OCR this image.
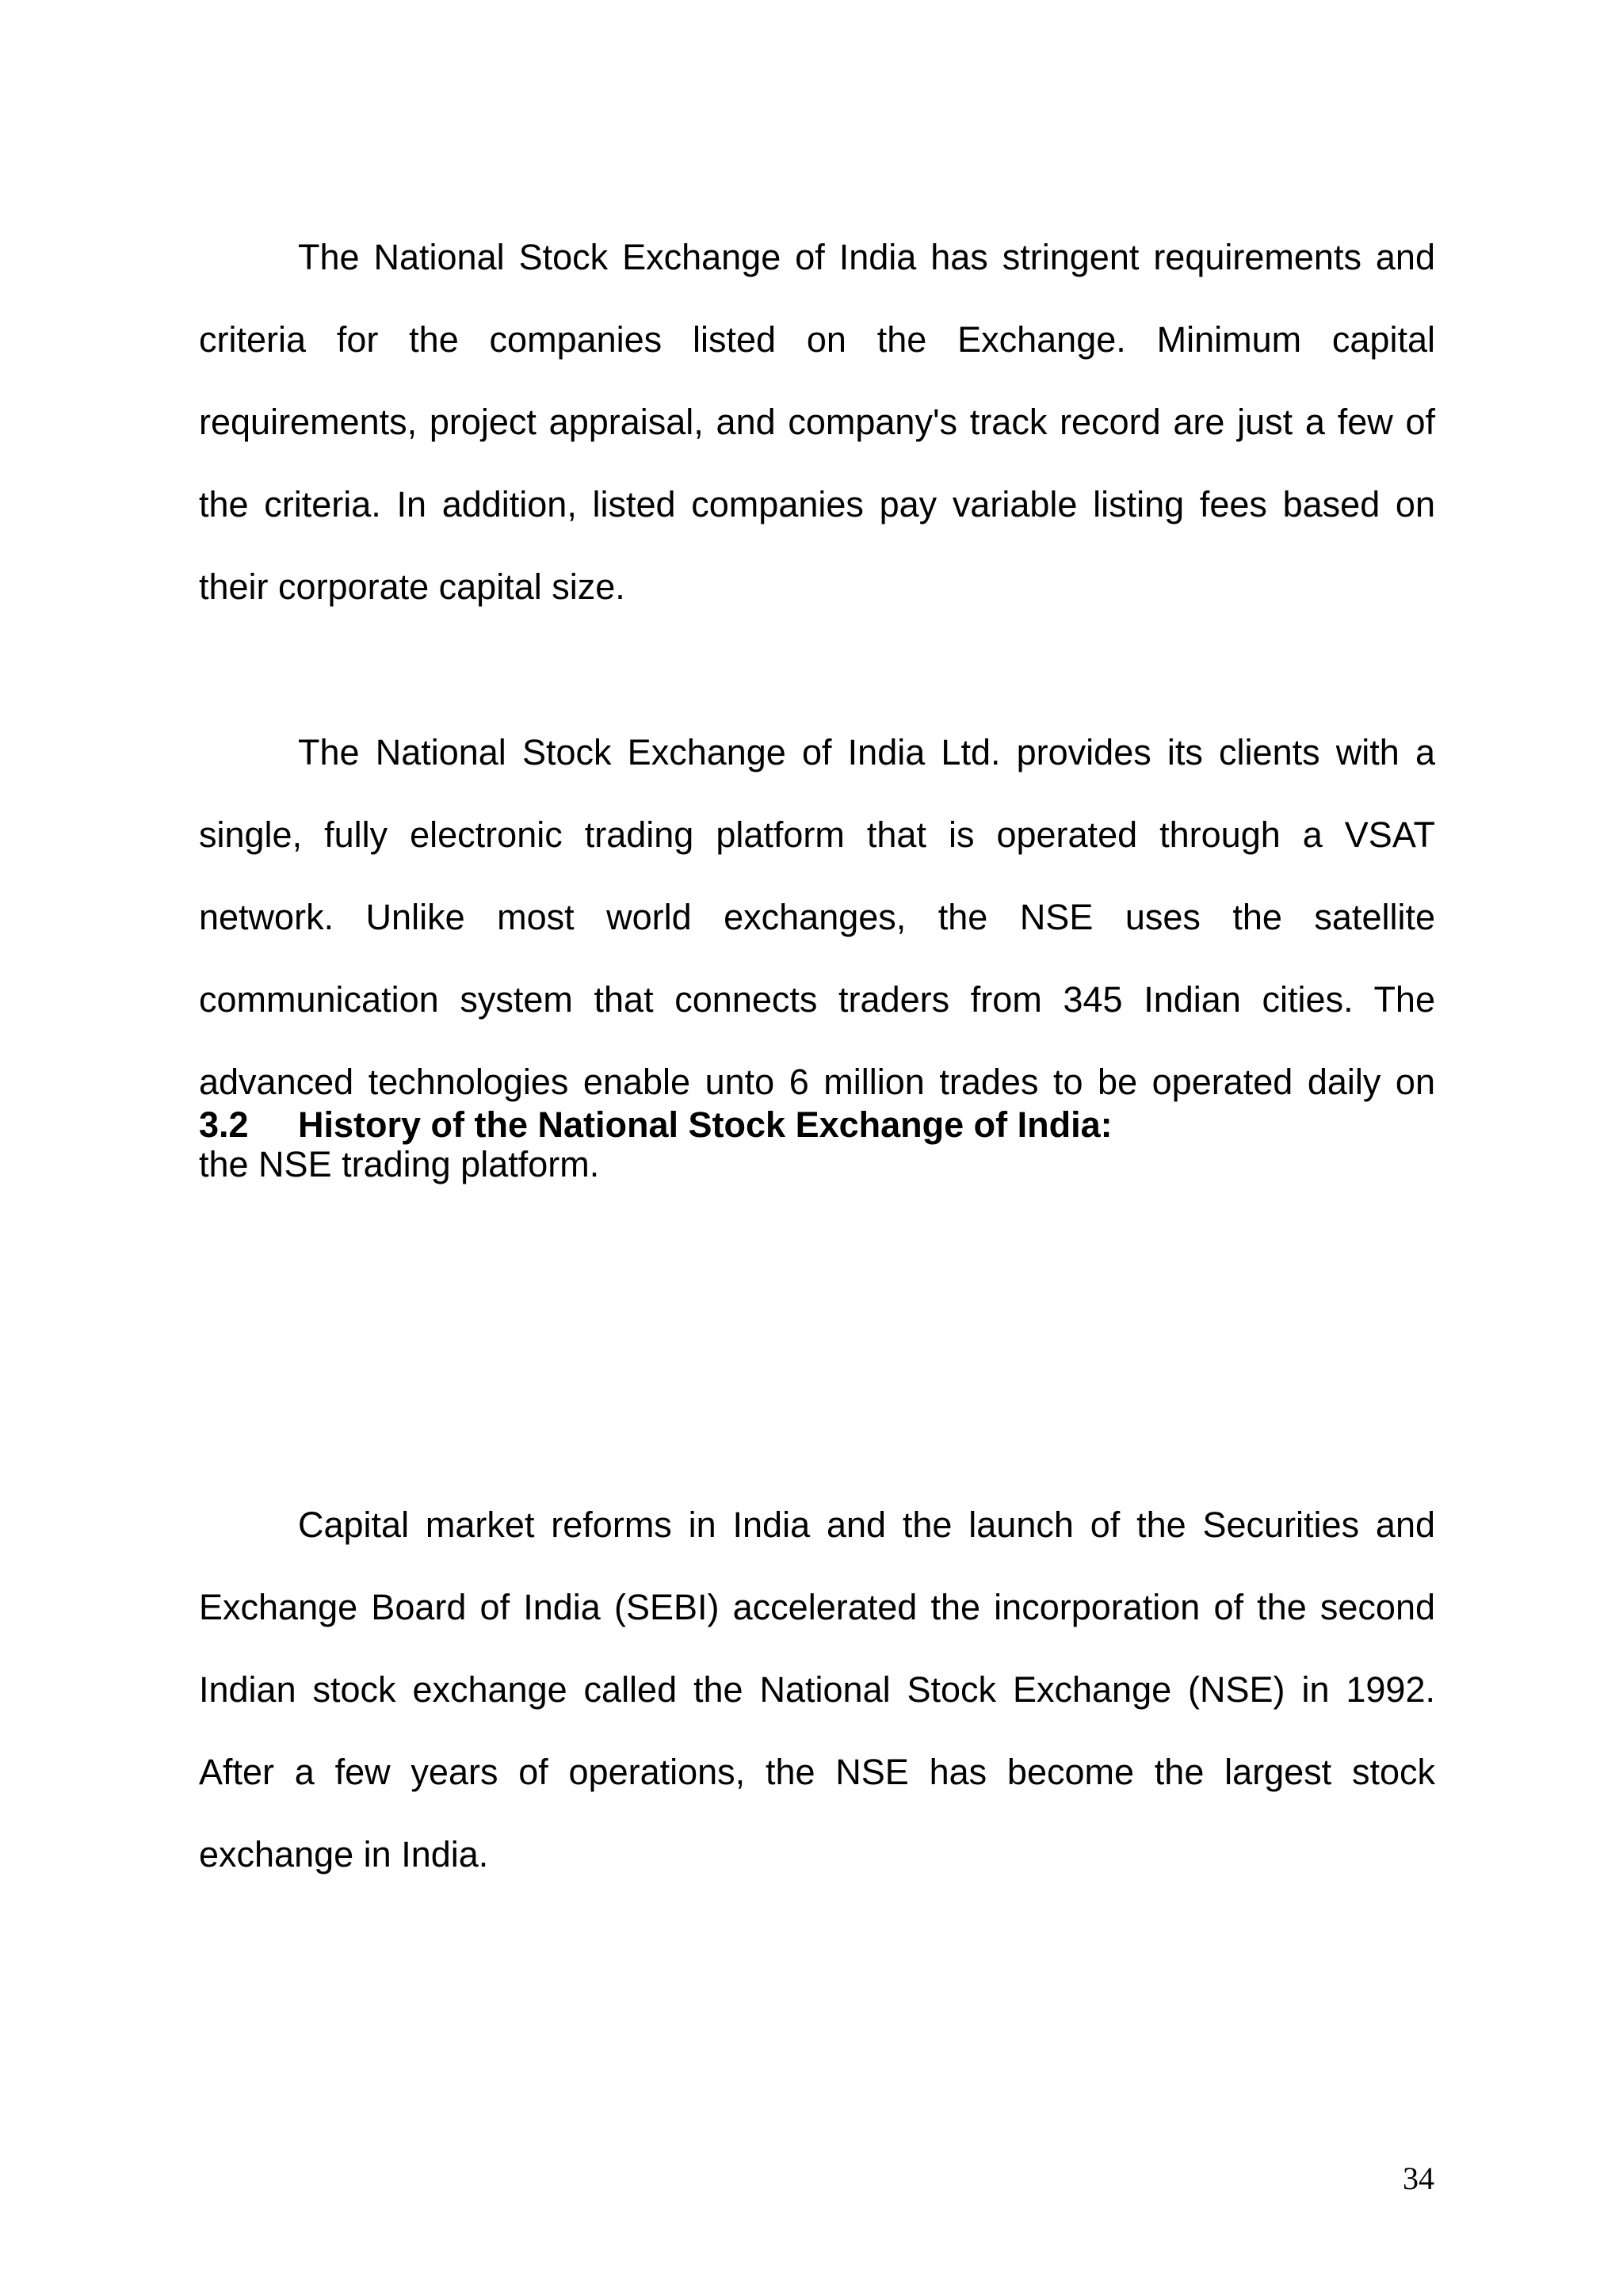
The National Stock Exchange of India has stringent requirements and criteria for the companies listed on the Exchange. Minimum capital requirements, project appraisal, and company's track record are just a few of the criteria. In addition, listed companies pay variable listing fees based on their corporate capital size.

The National Stock Exchange of India Ltd. provides its clients with a single, fully electronic trading platform that is operated through a VSAT network. Unlike most world exchanges, the NSE uses the satellite communication system that connects traders from 345 Indian cities. The advanced technologies enable unto 6 million trades to be operated daily on the NSE trading platform.

3.2 History of the National Stock Exchange of India:

Capital market reforms in India and the launch of the Securities and Exchange Board of India (SEBI) accelerated the incorporation of the second Indian stock exchange called the National Stock Exchange (NSE) in 1992. After a few years of operations, the NSE has become the largest stock exchange in India.

34
